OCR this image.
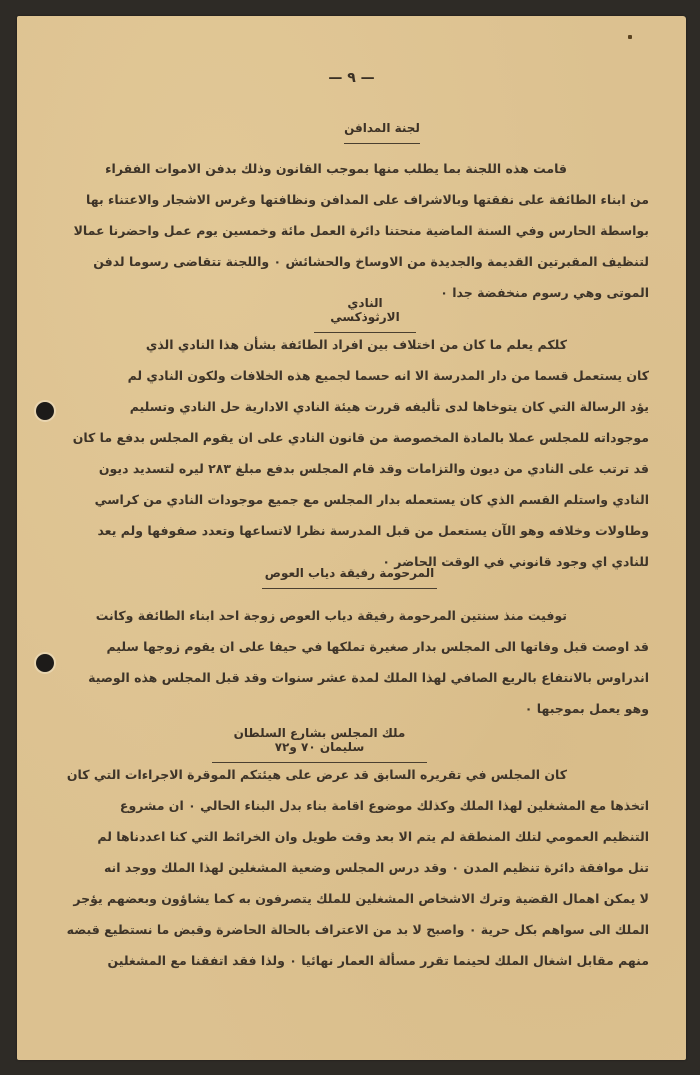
— ٩ —
لجنة المدافن
قامت هذه اللجنة بما يطلب منها بموجب القانون وذلك بدفن الاموات الفقراء
من ابناء الطائفة على نفقتها وبالاشراف على المدافن ونظافتها وغرس الاشجار والاعتناء بها
بواسطة الحارس وفي السنة الماضية منحتنا دائرة العمل مائة وخمسين يوم عمل واحضرنا عمالا
لتنظيف المقبرتين القديمة والجديدة من الاوساخ والحشائش ٠ واللجنة تتقاضى رسوما لدفن
الموتى وهي رسوم منخفضة جدا ٠
النادي الارثوذكسي
كلكم يعلم ما كان من اختلاف بين افراد الطائفة بشأن هذا النادي الذي
كان يستعمل قسما من دار المدرسة الا انه حسما لجميع هذه الخلافات ولكون النادي لم
يؤد الرسالة التي كان يتوخاها لدى تأليفه قررت هيئة النادي الادارية حل النادي وتسليم
موجوداته للمجلس عملا بالمادة المخصوصة من قانون النادي على ان يقوم المجلس بدفع ما كان
قد ترتب على النادي من ديون والتزامات وقد قام المجلس بدفع مبلغ ٢٨٣ ليره لتسديد ديون
النادي واستلم القسم الذي كان يستعمله بدار المجلس مع جميع موجودات النادي من كراسي
وطاولات وخلافه وهو الآن يستعمل من قبل المدرسة نظرا لاتساعها وتعدد صفوفها ولم يعد
للنادي اي وجود قانوني في الوقت الحاضر ٠
المرحومة رفيقة دياب العوص
توفيت منذ سنتين المرحومة رفيقة دياب العوص زوجة احد ابناء الطائفة وكانت
قد اوصت قبل وفاتها الى المجلس بدار صغيرة تملكها في حيفا على ان يقوم زوجها سليم
اندراوس بالانتفاع بالريع الصافي لهذا الملك لمدة عشر سنوات وقد قبل المجلس هذه الوصية
وهو يعمل بموجبها ٠
ملك المجلس بشارع السلطان سليمان ٧٠ و٧٢
كان المجلس في تقريره السابق قد عرض على هيئتكم الموقرة الاجراءات التي كان
اتخذها مع المشغلين لهذا الملك وكذلك موضوع اقامة بناء بدل البناء الحالي ٠ ان مشروع
التنظيم العمومي لتلك المنطقة لم يتم الا بعد وقت طويل وان الخرائط التي كنا اعددناها لم
تنل موافقة دائرة تنظيم المدن ٠ وقد درس المجلس وضعية المشغلين لهذا الملك ووجد انه
لا يمكن اهمال القضية وترك الاشخاص المشغلين للملك يتصرفون به كما يشاؤون وبعضهم يؤجر
الملك الى سواهم بكل حرية ٠ واصبح لا بد من الاعتراف بالحالة الحاضرة وقبض ما نستطيع قبضه
منهم مقابل اشغال الملك لحينما تقرر مسألة العمار نهائيا ٠ ولذا فقد اتفقنا مع المشغلين
